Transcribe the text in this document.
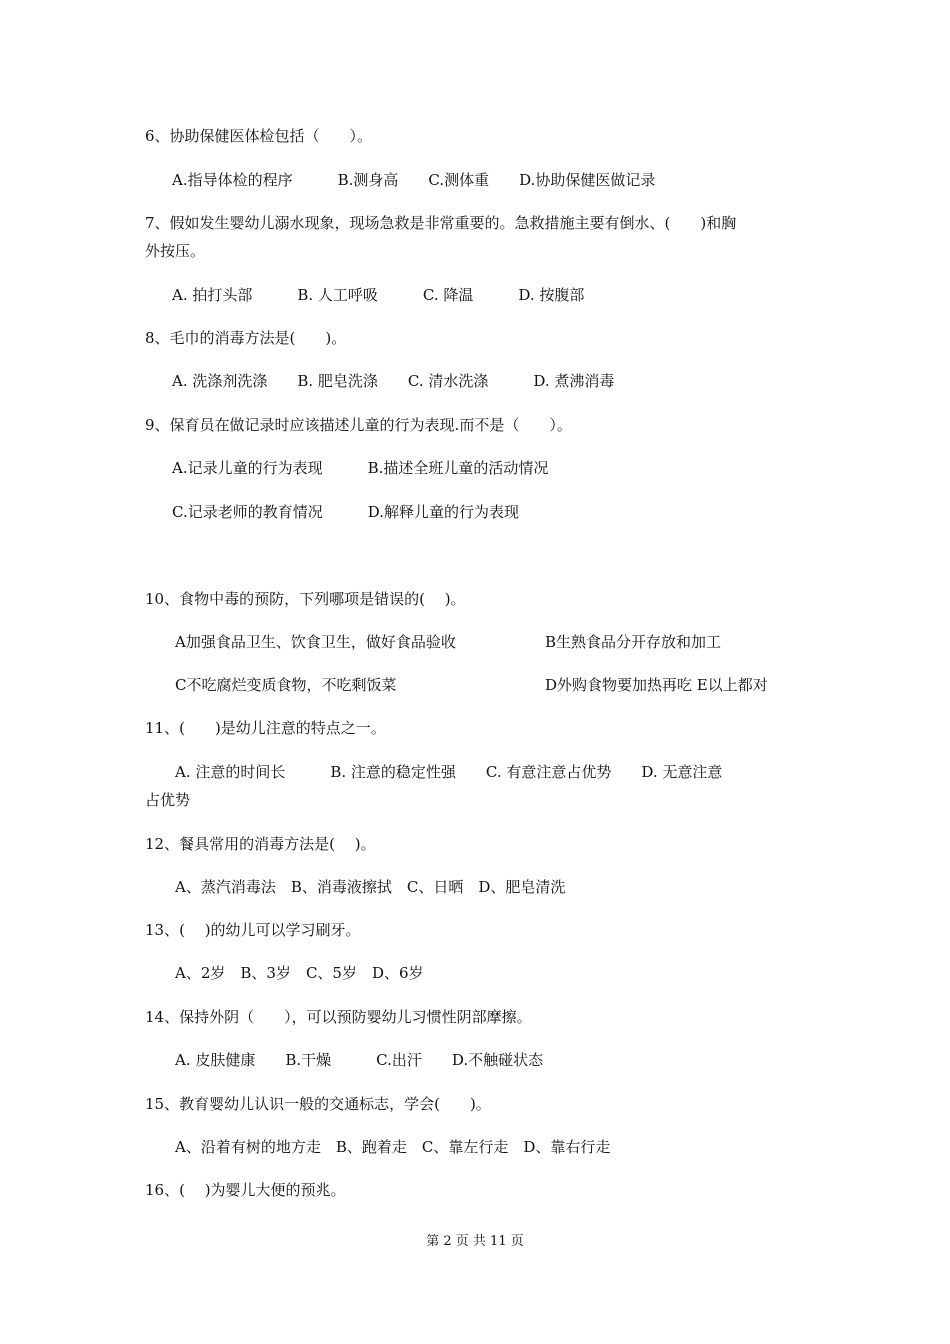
6、协助保健医体检包括（　　）。
A.指导体检的程序　　　B.测身高　　C.测体重　　D.协助保健医做记录
7、假如发生婴幼儿溺水现象，现场急救是非常重要的。急救措施主要有倒水、(　　)和胸
外按压。
A. 拍打头部　　　B. 人工呼吸　　　C. 降温　　　D. 按腹部
8、毛巾的消毒方法是(　　)。
A. 洗涤剂洗涤　　B. 肥皂洗涤　　C. 清水洗涤　　　D. 煮沸消毒
9、保育员在做记录时应该描述儿童的行为表现.而不是（　　）。
A.记录儿童的行为表现　　　B.描述全班儿童的活动情况
C.记录老师的教育情况　　　D.解释儿童的行为表现
10、食物中毒的预防，下列哪项是错误的(　 )。
A加强食品卫生、饮食卫生，做好食品验收	B生熟食品分开存放和加工
C不吃腐烂变质食物，不吃剩饭菜	D外购食物要加热再吃 E以上都对
11、(　　)是幼儿注意的特点之一。
A. 注意的时间长　　　B. 注意的稳定性强　　C. 有意注意占优势　　D. 无意注意
占优势
12、餐具常用的消毒方法是(　 )。
A、蒸汽消毒法　B、消毒液擦拭　C、日晒　D、肥皂清洗
13、(　 )的幼儿可以学习刷牙。
A、2岁　B、3岁　C、5岁　D、6岁
14、保持外阴（　　），可以预防婴幼儿习惯性阴部摩擦。
A. 皮肤健康　　B.干燥　　　C.出汗　　D.不触碰状态
15、教育婴幼儿认识一般的交通标志，学会(　　)。
A、沿着有树的地方走　B、跑着走　C、靠左行走　D、靠右行走
16、(　 )为婴儿大便的预兆。
第 2 页 共 11 页
